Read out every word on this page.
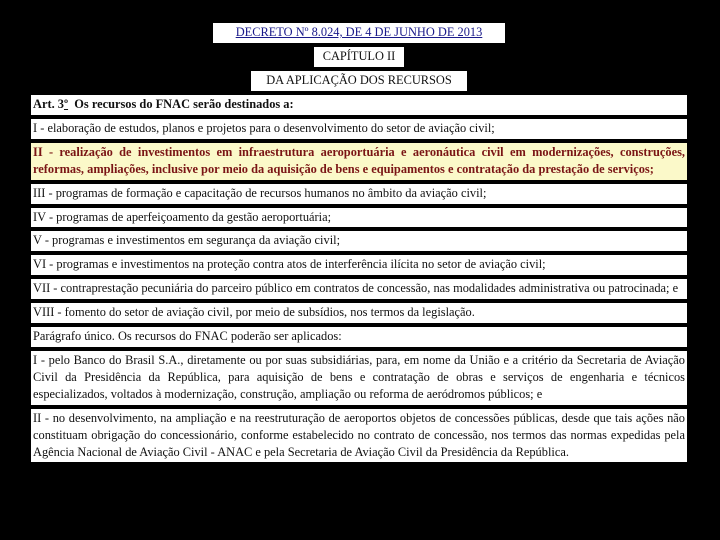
DECRETO Nº 8.024, DE 4 DE JUNHO DE 2013
CAPÍTULO II
DA APLICAÇÃO DOS RECURSOS
Art. 3º Os recursos do FNAC serão destinados a:
I - elaboração de estudos, planos e projetos para o desenvolvimento do setor de aviação civil;
II - realização de investimentos em infraestrutura aeroportuária e aeronáutica civil em modernizações, construções, reformas, ampliações, inclusive por meio da aquisição de bens e equipamentos e contratação da prestação de serviços;
III - programas de formação e capacitação de recursos humanos no âmbito da aviação civil;
IV - programas de aperfeiçoamento da gestão aeroportuária;
V - programas e investimentos em segurança da aviação civil;
VI - programas e investimentos na proteção contra atos de interferência ilícita no setor de aviação civil;
VII - contraprestação pecuniária do parceiro público em contratos de concessão, nas modalidades administrativa ou patrocinada; e
VIII - fomento do setor de aviação civil, por meio de subsídios, nos termos da legislação.
Parágrafo único. Os recursos do FNAC poderão ser aplicados:
I - pelo Banco do Brasil S.A., diretamente ou por suas subsidiárias, para, em nome da União e a critério da Secretaria de Aviação Civil da Presidência da República, para aquisição de bens e contratação de obras e serviços de engenharia e técnicos especializados, voltados à modernização, construção, ampliação ou reforma de aeródromos públicos; e
II - no desenvolvimento, na ampliação e na reestruturação de aeroportos objetos de concessões públicas, desde que tais ações não constituam obrigação do concessionário, conforme estabelecido no contrato de concessão, nos termos das normas expedidas pela Agência Nacional de Aviação Civil - ANAC e pela Secretaria de Aviação Civil da Presidência da República.
